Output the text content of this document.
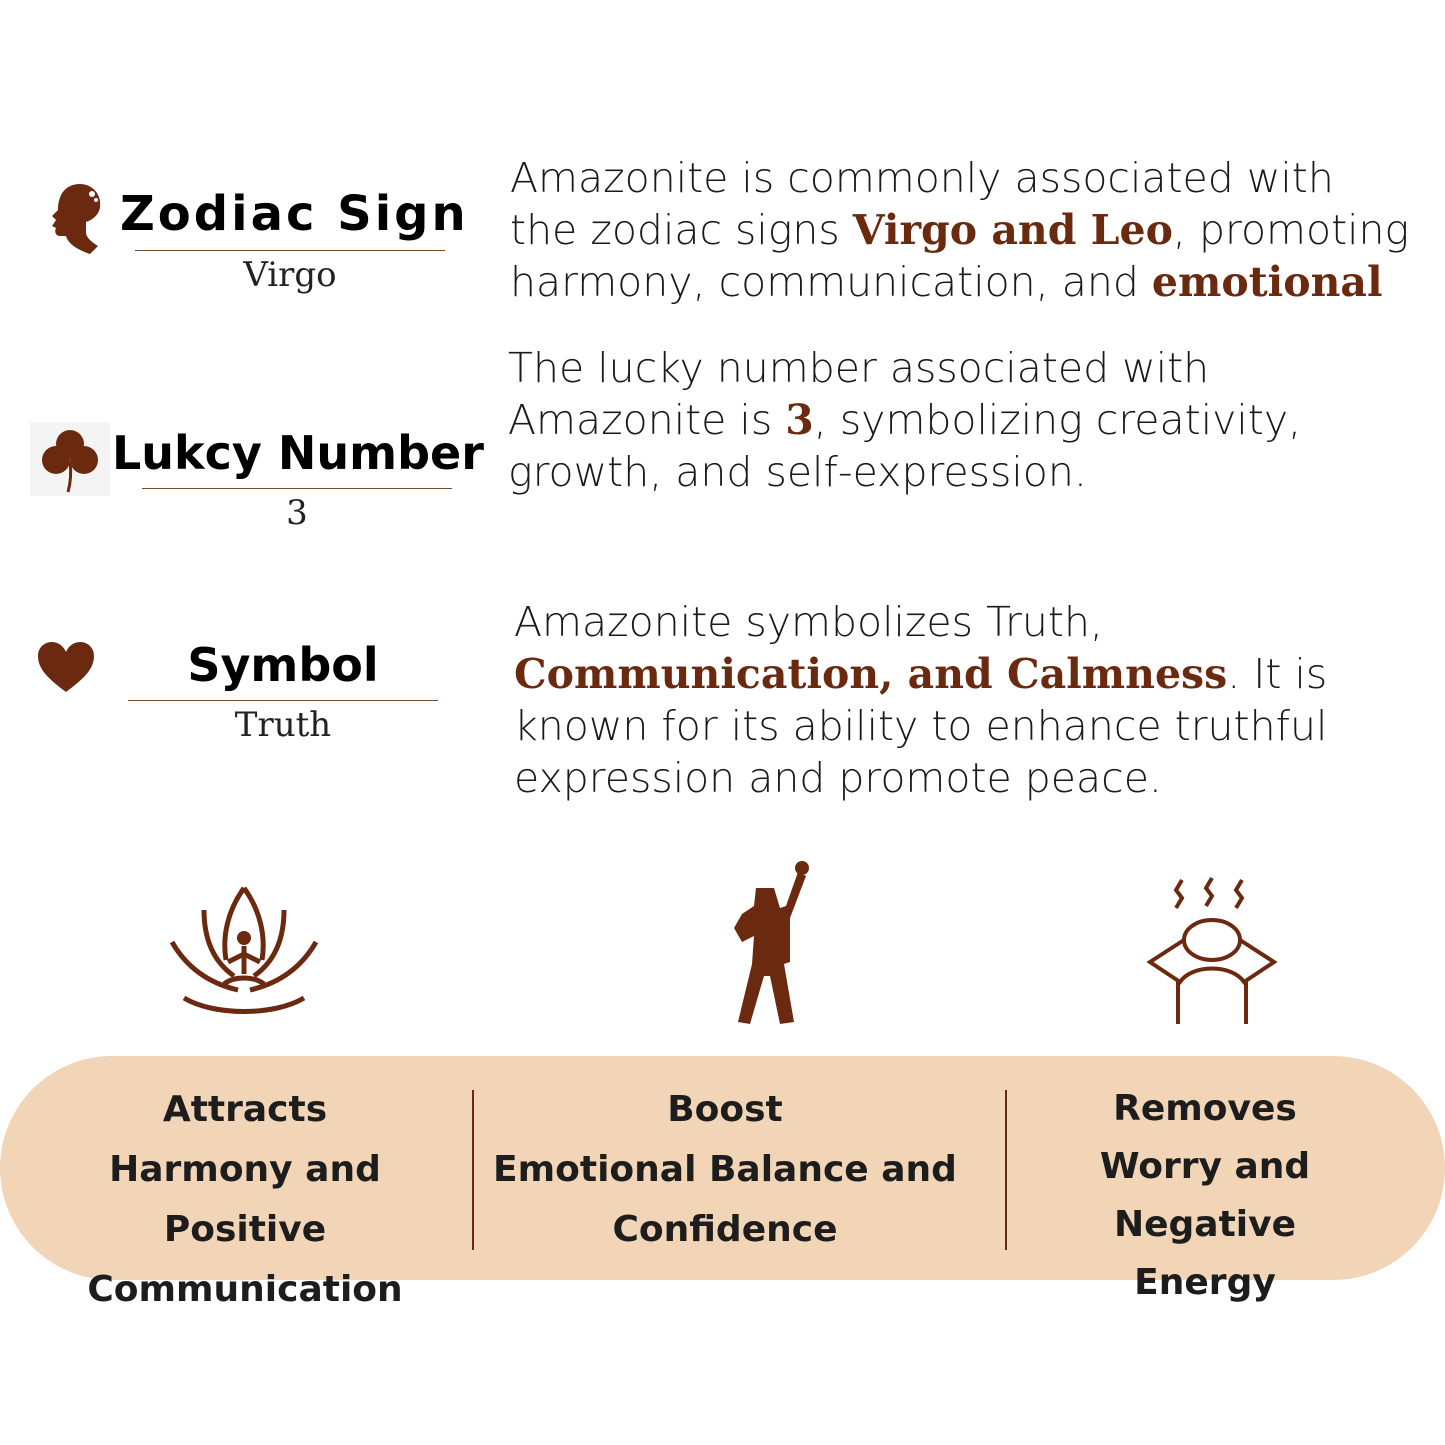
Zodiac Sign
Virgo
Amazonite is commonly associated with the zodiac signs Virgo and Leo, promoting harmony, communication, and emotional
Lukcy Number
3
The lucky number associated with Amazonite is 3, symbolizing creativity, growth, and self-expression.
Symbol
Truth
Amazonite symbolizes Truth, Communication, and Calmness. It is known for its ability to enhance truthful expression and promote peace.
Attracts
Harmony and Positive
Communication
Boost
Emotional Balance and
Confidence
Removes
Worry and Negative
Energy
